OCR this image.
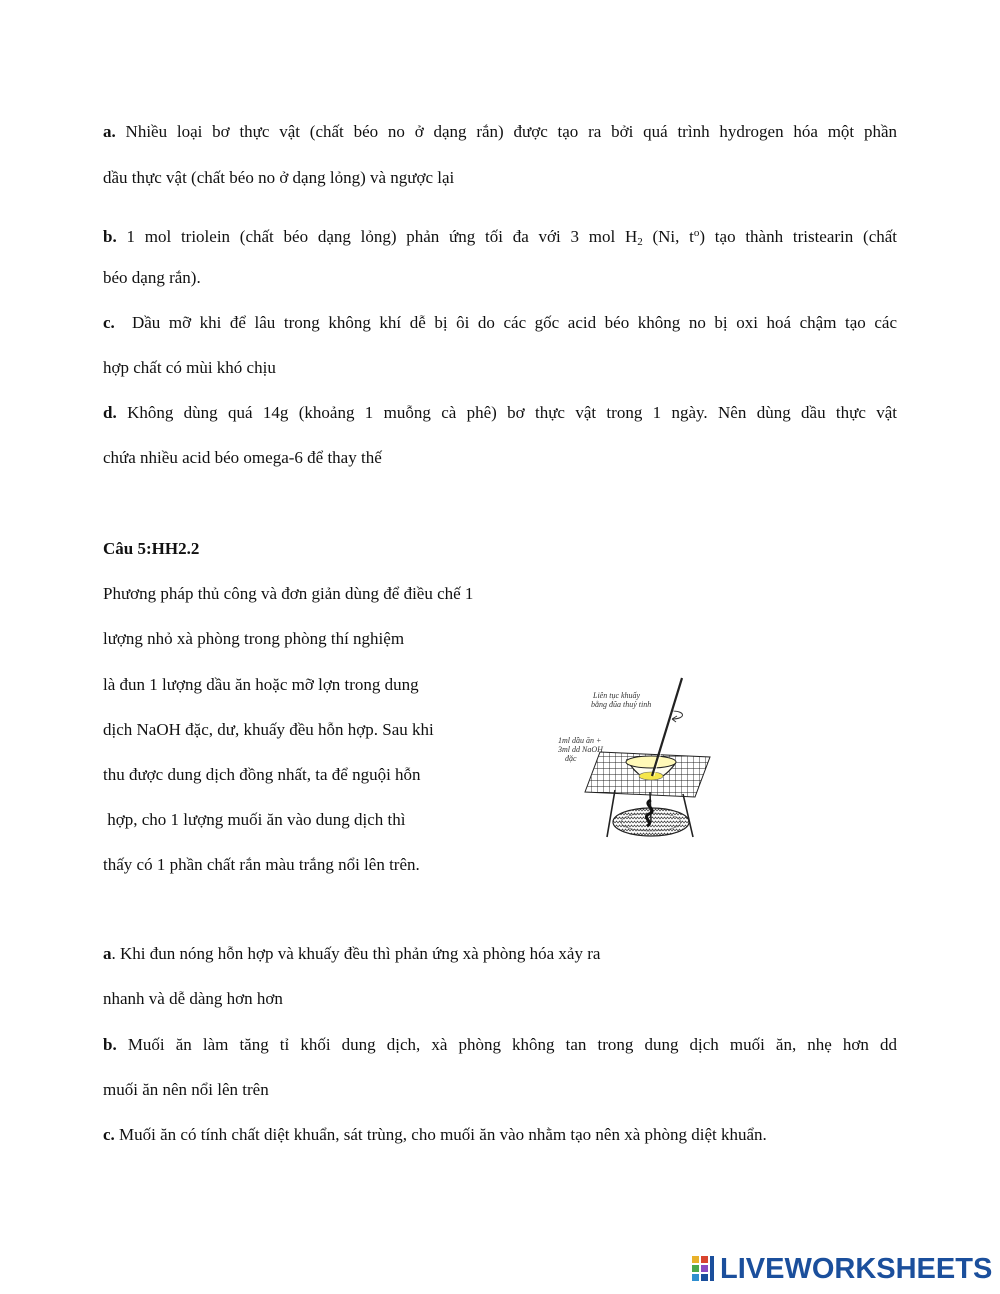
a. Nhiều loại bơ thực vật (chất béo no ở dạng rắn) được tạo ra bởi quá trình hydrogen hóa một phần
dầu thực vật (chất béo no ở dạng lỏng) và ngược lại
b. 1 mol triolein (chất béo dạng lỏng) phản ứng tối đa với 3 mol $H_2$ (Ni, $t^o$) tạo thành tristearin (chất
béo dạng rắn).
c. Dầu mỡ khi để lâu trong không khí dễ bị ôi do các gốc acid béo không no bị oxi hoá chậm tạo các
hợp chất có mùi khó chịu
d. Không dùng quá 14g (khoảng 1 muỗng cà phê) bơ thực vật trong 1 ngày. Nên dùng dầu thực vật
chứa nhiều acid béo omega-6 để thay thế
Câu 5:HH2.2
Phương pháp thủ công và đơn giản dùng để điều chế 1
lượng nhỏ xà phòng trong phòng thí nghiệm
là đun 1 lượng dầu ăn hoặc mỡ lợn trong dung
dịch NaOH đặc, dư, khuấy đều hỗn hợp. Sau khi
thu được dung dịch đồng nhất, ta để nguội hỗn
hợp, cho 1 lượng muối ăn vào dung dịch thì
thấy có 1 phần chất rắn màu trắng nổi lên trên.
Liên tục khuấy
bằng đũa thuỷ tinh
1ml dầu ăn +
3ml dd NaOH
đặc
a. Khi đun nóng hỗn hợp và khuấy đều thì phản ứng xà phòng hóa xảy ra
nhanh và dễ dàng hơn hơn
b. Muối ăn làm tăng tỉ khối dung dịch, xà phòng không tan trong dung dịch muối ăn, nhẹ hơn dd
muối ăn nên nổi lên trên
c. Muối ăn có tính chất diệt khuẩn, sát trùng, cho muối ăn vào nhằm tạo nên xà phòng diệt khuẩn.
LIVEWORKSHEETS
